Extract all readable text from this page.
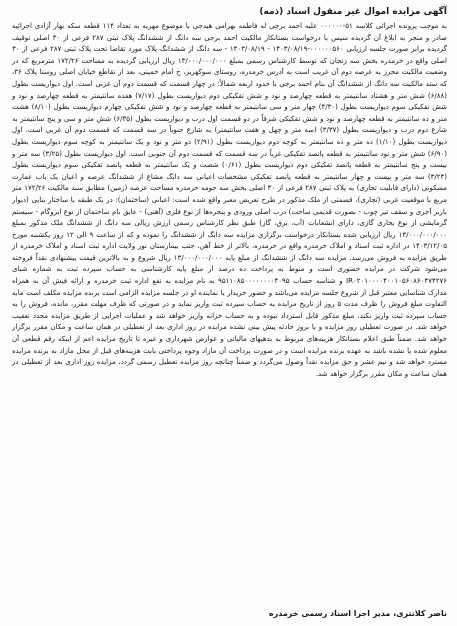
آگهی مزایده اموال غیر منقول اسناد (ذمه)

به موجب پرونده اجرائی کلاسه ۵۱-۰۰۰۰۰۰ علیه احمد برجی له فاطمه بهرامی هیدجی با موضوع مهریه به تعداد ۱۱۴ قطعه سکه بهار آزادی اجرائیه صادر و منجر به ابلاغ آن گردیده سپس با درخواست بستانکار مالکیت احمد برجی سه دانگ از ششدانگ پلاک ثبتی ۲۸۷ فرعی از ۳۰ اصلی توقیف گردیده برابر صورت جلسه ارزیابی ۰۰۰۰۰۰۵۶۰-۱۴۰۳/۰۸/۱۹ - ۱۴۰۳/۰۸/۱۹ - سه دانگ از ششدانگ پلاک مورد تقاضا تحت پلاک ثبتی ۲۸۷ فرعی از ۳۰ اصلی واقع در خرمدره بخش سه زنجان که توسط کارشناس رسمی بمبلغ ۱۳/۰۰۰/۰۰۰/۰۰۰ ریال ارزیابی گردیده به مساحت ۱۷۲/۲۶ مترمربع که در وضعیت مالکیت محرز به عرصه دوم آن غریب است به آدرس خرمدره، روستای سوکهریز، خ امام خمینی، بعد از تقاطع خیابان اصلی روستا پلاک ۳۶، که سند مالکیت سه دانگ از ششدانگ آن بنام احمد برجی با حدود اربعه شمالاً: در چهار قسمت که قسمت دوم آن غربی است. اول دیواریست بطول (۶/۸۸) شش متر و هشتاد سانتیمتر به قطعه چهارصد و نود و شش تفکیکی دوم دیواریست بطول (۷/۱۷) هفده سانتیمتر به قطعه چهارصد و نود و شش تفکیکی سوم دیواریست بطول (۴/۳۰) چهار متر و سی سانتیمتر به قطعه چهارصد و نود و شش تفکیکی چهارم دیواریست بطول (۸/۱۰) هشت متر و ده سانتیمتر به قطعه چهارصد و نود و شش تفکیکی شرقاً در دو قسمت اول درب و دیواریست بطول (۶/۳۵) شش متر و سی و پنج سانتیمتر به شارع دوم درب و دیواریست بطول (۳/۳۷) (سه متر و چهل و هفت سانتیمتر) به شارع جنوباً در سه قسمت که قسمت دوم آن غربی است. اول دیواریست بطول (۱/۱۰) ده متر و ده سانتیمتر به کوچه دوم دیواریست بطول (۲/۹۱) دو متر و نود و یک سانتیمتر به کوچه سوم دیواریست بطول (۶/۹۰) شش متر و نود سانتیمتر به قطعه پانصد تفکیکی غرباً در سه قسمت که قسمت دوم آن جنوبی است. اول دیواریست بطول (۳/۲۵) سه متر و بیست و پنج سانتیمتر به قطعه پانصد تفکیکی دوم دیواریست بطول (۰/۶۱) شصت و یک سانتیمتر به قطعه پانصد تفکیکی سوم دیواریست بطول (۳/۲۴) سه متر و بیست و چهار سانتیمتر به قطعه پانصد تفکیکی مشخصات اعیانی سه دانگ مشاع از ششدانگ عرصه و اعیان یک باب عمارت مسکونی (دارای قابلیت تجاری) به پلاک ثبتی ۲۸۷ فرعی از ۳۰ اصلی بخش سه حومه خرمدره مساحت عرصه (زمین) مطابق سند مالکیت ۱۷۲/۲۶ متر مربع با موقعیت غربی (تجاری)، قسمتی از ملک مذکور در طرح تعریض معبر واقع شده است: اعیانی (ساختمان): در یک طبقه با ساختار بنایی (دیوار باربر آجری و سقف تیر چوب - بصورت قدیمی ساخت) درب اصلی ورودی و پنجره‌ها از نوع فلزی (آهنی) - عایق بام ساختمان از نوع ایزوگام - سیستم گرمایشی از نوع بخاری گازی، دارای انشعابات (آب، برق، گاز) طبق نظر کارشناس رسمی ارزش ریالی سه دانگ از ششدانگ ملک مذکور بمبلغ ۱۳/۰۰۰/۰۰۰/۰۰۰ ریال ارزیابی شده بستانکار درخواست برگزاری مزایده سه دانگ از ششدانگ را نموده و که از ساعت ۹ الی ۱۲ روز یکشنبه مورخ ۱۴۰۳/۱۲/۰۵ در اداره ثبت اسناد و املاک خرمدره واقع در خرمدره، بالاتر از خط آهن، جنب بیمارستان نور ولایت اداره ثبت اسناد و املاک خرمدره از طریق مزایده به فروش می‌رسد. مزایده سه دانگ از ششدانگ از مبلغ پایه ۱۳/۰۰۰/۰۰۰/۰۰۰ ریال شروع و به بالاترین قیمت پیشنهادی نقداً فروخته می‌شود شرکت در مزایده حضوری است و منوط به پرداخت ده درصد از مبلغ پایه کارشناسی به حساب سپرده ثبت به شماره شبای IR۰۲۰۱۰۰۰۰۴۰۰۱۰۵۶۰۸۶۰۴۷۴۲۷۶ و شناسه حساب ۹۵۱۱۰۸۵۰۰۰۰۰۰۰۰۴۰۹۵ به نام مزایده به نفع اداره ثبت خرمدره و ارائه فیش آن به همراه مدارک شناسایی معتبر قبل از شروع جلسه مزایده می‌باشد و حضور خریدار یا نماینده او در جلسه مزایده الزامی است برنده مزایده مکلف است مابه التفاوت مبلغ فروش را ظرف مدت ۵ روز از تاریخ مزایده به حساب سپرده ثبت واریز نماید و در صورتی که ظرف مهلت مقرر، مانده، فروش را به حساب سپرده ثبت واریز نکند، مبلغ مذکور قابل استرداد نبوده و به حساب خزانه واریز خواهد شد و عملیات اجرایی از طریق مزایده مجدد تعقیب خواهد شد. در صورت تعطیلی روز مزایده و یا بروز حادثه پیش بینی نشده مزایده در روز اداری بعد از تعطیلی در همان ساعت و مکان مقرر برگزار خواهد شد. ضمناً طبق اعلام بستانکار هزینه‌های مربوط به بدهیهای مالیاتی و عوارض شهرداری و غیره تا تاریخ مزایده اعم از اینکه رقم قطعی آن معلوم شده یا نشده باشد به عهده برنده مزایده است و در صورت پرداخت آن مازاد وجوه پرداختی بابت هزینه‌های قبل از محل مازاد به برنده مزایده مسترد خواهد شد و نیم عشر و حق مزایده نقداً وصول می‌گردد و ضمناً چنانچه روز مزایده تعطیل رسمی گردد، مزایده روز اداری بعد از تعطیلی در همان ساعت و مکان مقرر برگزار خواهد شد.

ناصر کلانتری، مدیر اجرا اسناد رسمی خرمدره
